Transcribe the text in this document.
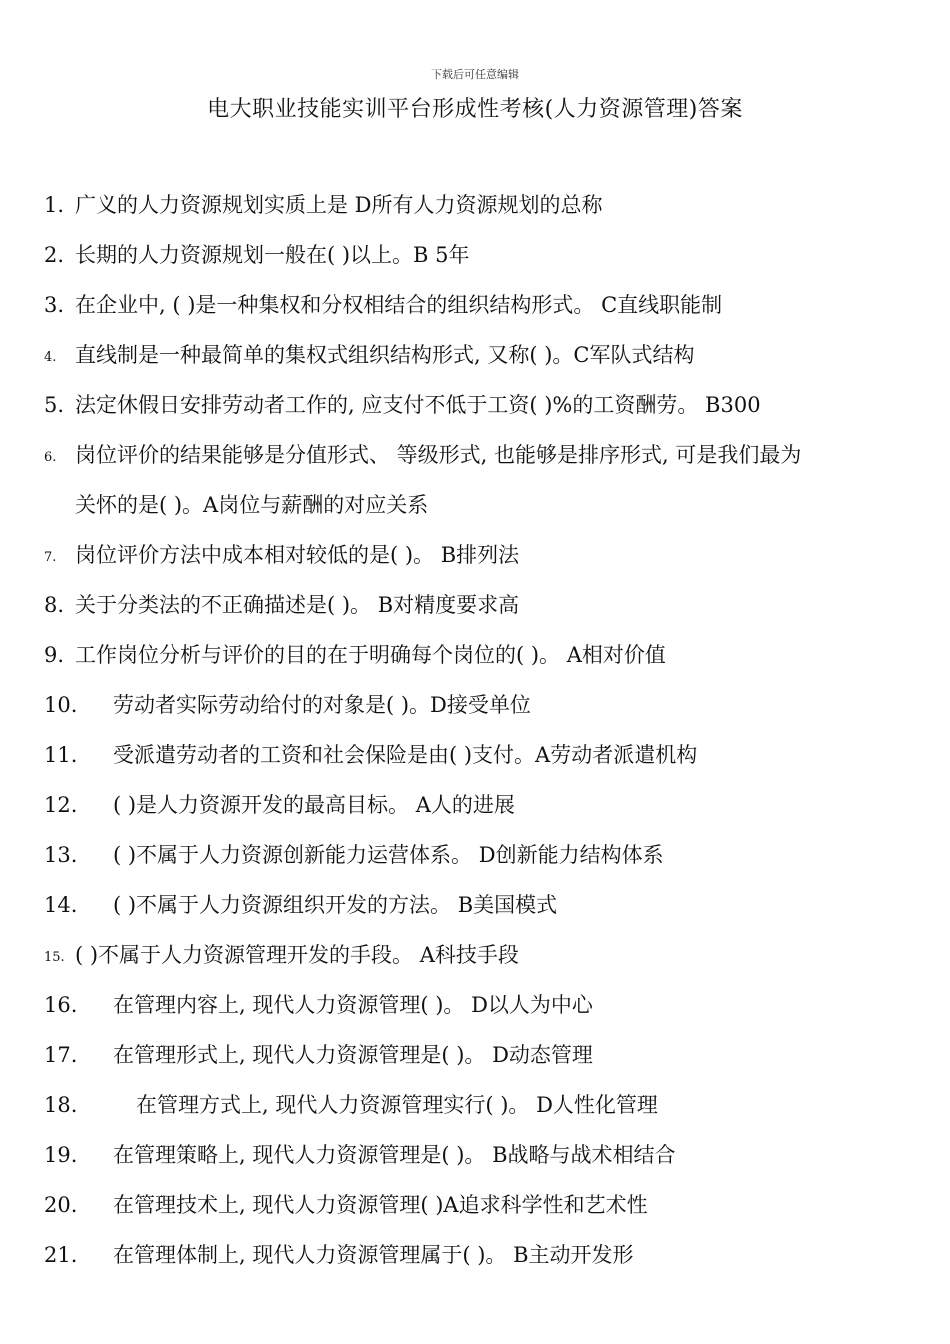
下载后可任意编辑
电大职业技能实训平台形成性考核(人力资源管理)答案
1. 广义的人力资源规划实质上是 D所有人力资源规划的总称
2. 长期的人力资源规划一般在( )以上。B 5年
3. 在企业中, ( )是一种集权和分权相结合的组织结构形式。 C直线职能制
4. 直线制是一种最简单的集权式组织结构形式, 又称( )。C军队式结构
5. 法定休假日安排劳动者工作的, 应支付不低于工资( )%的工资酬劳。 B300
6. 岗位评价的结果能够是分值形式、 等级形式, 也能够是排序形式, 可是我们最为
关怀的是( )。A岗位与薪酬的对应关系
7. 岗位评价方法中成本相对较低的是( )。 B排列法
8. 关于分类法的不正确描述是( )。 B对精度要求高
9. 工作岗位分析与评价的目的在于明确每个岗位的( )。 A相对价值
10. 劳动者实际劳动给付的对象是( )。D接受单位
11. 受派遣劳动者的工资和社会保险是由( )支付。A劳动者派遣机构
12. ( )是人力资源开发的最高目标。 A人的进展
13. ( )不属于人力资源创新能力运营体系。 D创新能力结构体系
14. ( )不属于人力资源组织开发的方法。 B美国模式
15. ( )不属于人力资源管理开发的手段。 A科技手段
16. 在管理内容上, 现代人力资源管理( )。 D以人为中心
17. 在管理形式上, 现代人力资源管理是( )。 D动态管理
18.	在管理方式上, 现代人力资源管理实行( )。 D人性化管理
19. 在管理策略上, 现代人力资源管理是( )。 B战略与战术相结合
20. 在管理技术上, 现代人力资源管理( )A追求科学性和艺术性
21. 在管理体制上, 现代人力资源管理属于( )。 B主动开发形
